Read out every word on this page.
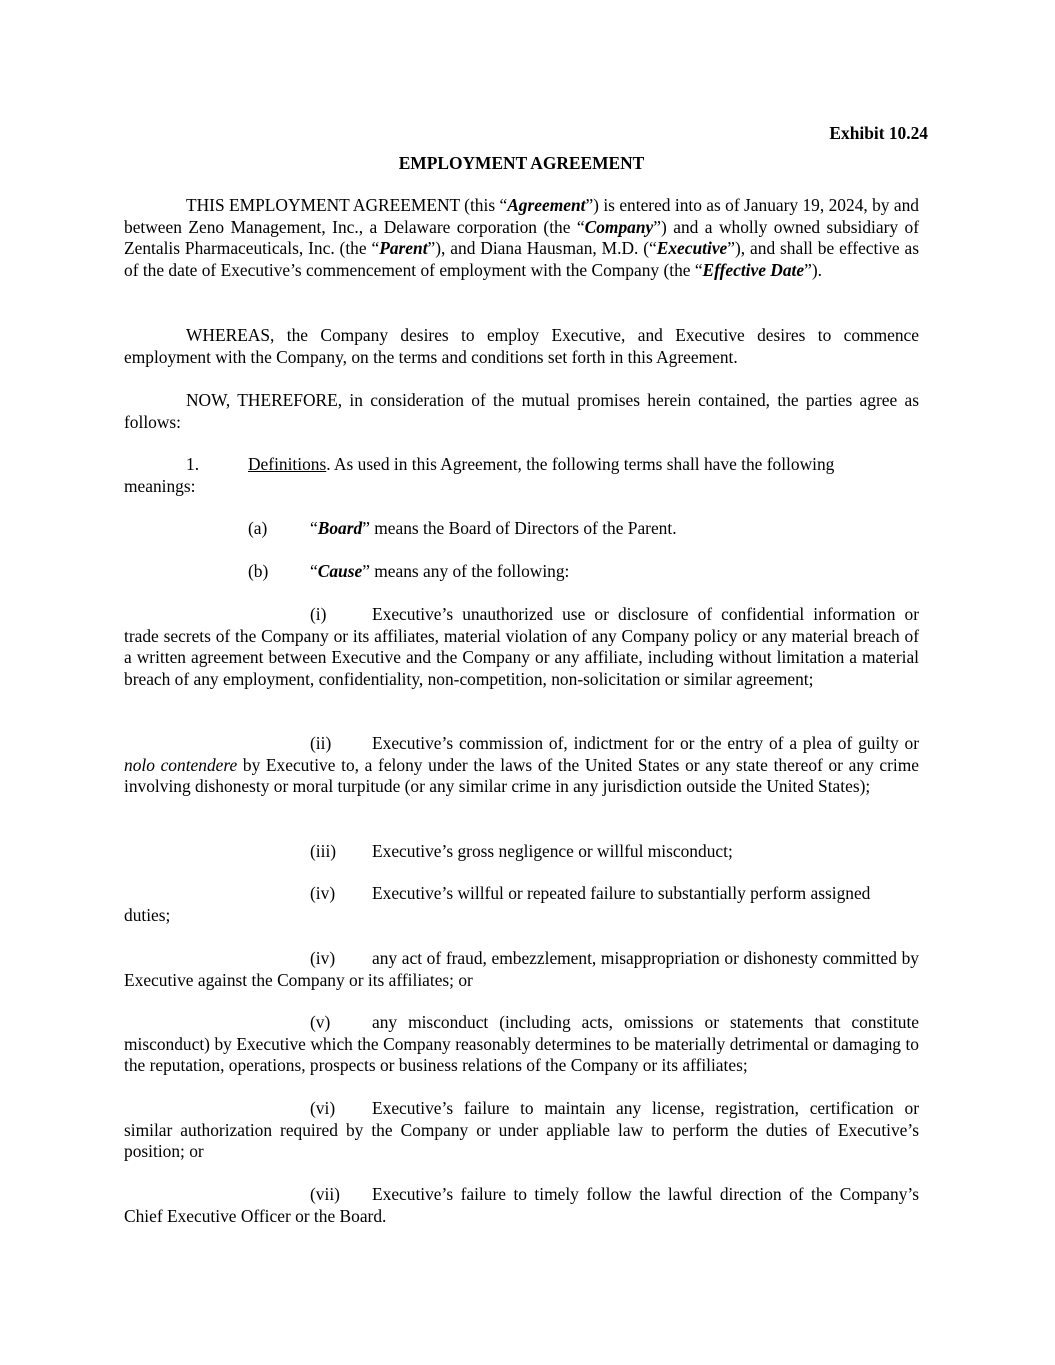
Exhibit 10.24
EMPLOYMENT AGREEMENT

THIS EMPLOYMENT AGREEMENT (this “Agreement”) is entered into as of January 19, 2024, by and between Zeno Management, Inc., a Delaware corporation (the “Company”) and a wholly owned subsidiary of Zentalis Pharmaceuticals, Inc. (the “Parent”), and Diana Hausman, M.D. (“Executive”), and shall be effective as of the date of Executive’s commencement of employment with the Company (the “Effective Date”).

WHEREAS, the Company desires to employ Executive, and Executive desires to commence employment with the Company, on the terms and conditions set forth in this Agreement.

NOW, THEREFORE, in consideration of the mutual promises herein contained, the parties agree as follows:

1.	Definitions. As used in this Agreement, the following terms shall have the following
meanings:
(a) “Board” means the Board of Directors of the Parent.
(b) “Cause” means any of the following:

(i)	Executive’s unauthorized use or disclosure of confidential information or trade secrets of the Company or its affiliates, material violation of any Company policy or any material breach of a written agreement between Executive and the Company or any affiliate, including without limitation a material breach of any employment, confidentiality, non-competition, non-solicitation or similar agreement;

(ii) Executive’s commission of, indictment for or the entry of a plea of guilty or nolo contendere by Executive to, a felony under the laws of the United States or any state thereof or any crime involving dishonesty or moral turpitude (or any similar crime in any jurisdiction outside the United States);

(iii) Executive’s gross negligence or willful misconduct;
(iv) Executive’s willful or repeated failure to substantially perform assigned
duties;

(iv) any act of fraud, embezzlement, misappropriation or dishonesty committed by Executive against the Company or its affiliates; or

(v) any misconduct (including acts, omissions or statements that constitute misconduct) by Executive which the Company reasonably determines to be materially detrimental or damaging to the reputation, operations, prospects or business relations of the Company or its affiliates;

(vi) Executive’s failure to maintain any license, registration, certification or similar authorization required by the Company or under appliable law to perform the duties of Executive’s position; or

(vii) Executive’s failure to timely follow the lawful direction of the Company’s Chief Executive Officer or the Board.
